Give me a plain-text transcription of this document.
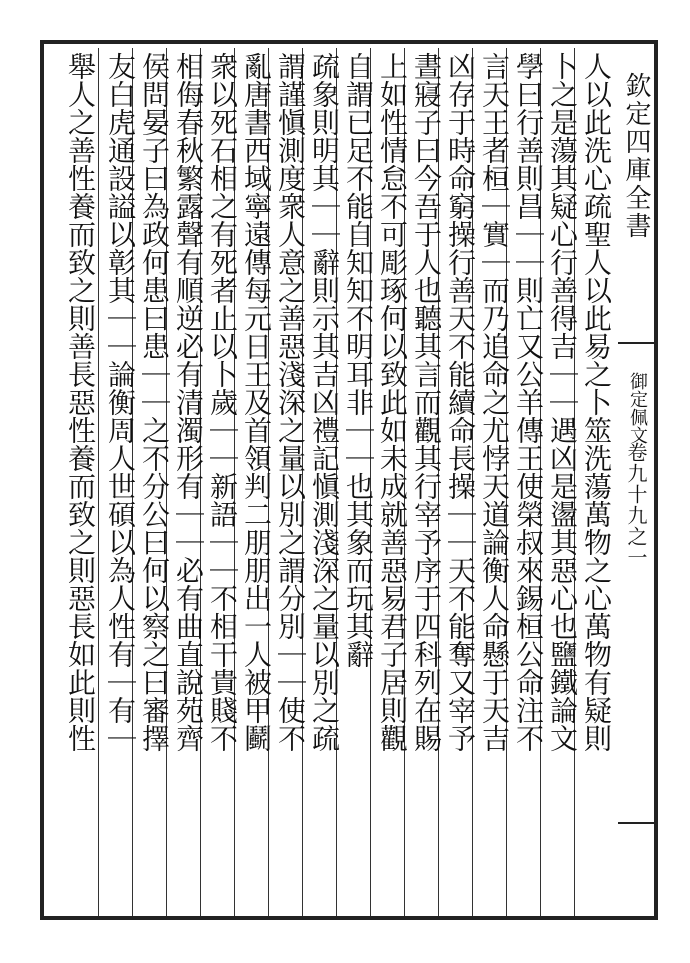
欽定四庫全書
御定佩文
卷九十九之一
人以此洗心疏聖人以此易之卜筮洗蕩萬物之心萬物有疑則
卜之是蕩其疑心行善得吉｜｜遇凶是盪其惡心也鹽鐵論文
學曰行善則昌｜｜則亡又公羊傳王使榮叔來錫桓公命注不
言天王者桓｜實｜而乃追命之尤悖天道論衡人命懸于天吉
凶存于時命窮操行善天不能續命長操｜｜天不能奪又宰予
晝寢子曰今吾于人也聽其言而觀其行宰予序于四科列在賜
上如性情怠不可彫琢何以致此如未成就善惡易君子居則觀
自謂已足不能自知知不明耳非｜｜也其象而玩其辭
疏象則明其｜｜辭則示其吉凶禮記愼測淺深之量以別之疏
謂謹愼測度衆人意之善惡淺深之量以別之謂分別｜｜使不
亂唐書西域寧遠傳每元日王及首領判二朋朋出一人被甲鬬
衆以死石相之有死者止以卜歲｜｜新語｜｜不相干貴賤不
相侮春秋繁露聲有順逆必有清濁形有｜｜必有曲直說苑齊
侯問晏子曰為政何患曰患｜｜之不分公曰何以察之曰審擇
友白虎通設謚以彰其｜｜論衡周人世碩以為人性有｜有｜
舉人之善性養而致之則善長惡性養而致之則惡長如此則性
